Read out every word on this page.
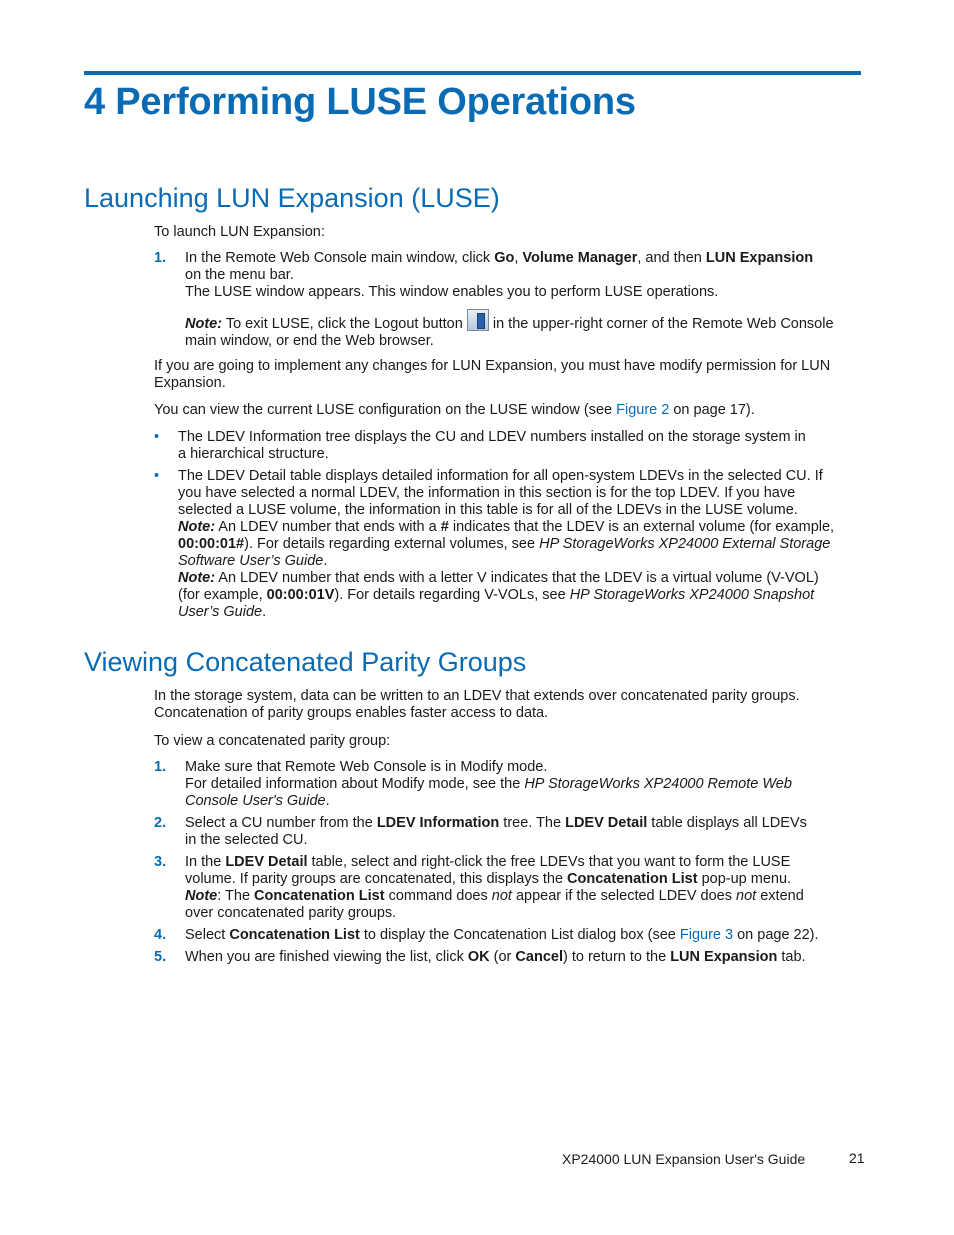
4 Performing LUSE Operations
Launching LUN Expansion (LUSE)

To launch LUN Expansion:

1. In the Remote Web Console main window, click Go, Volume Manager, and then LUN Expansion
on the menu bar.
The LUSE window appears. This window enables you to perform LUSE operations.
Note: To exit LUSE, click the Logout button  in the upper-right corner of the Remote Web Console main window, or end the Web browser.

If you are going to implement any changes for LUN Expansion, you must have modify permission for LUN Expansion.

You can view the current LUSE configuration on the LUSE window (see Figure 2 on page 17).

• The LDEV Information tree displays the CU and LDEV numbers installed on the storage system in a hierarchical structure.
• The LDEV Detail table displays detailed information for all open-system LDEVs in the selected CU. If you have selected a normal LDEV, the information in this section is for the top LDEV. If you have selected a LUSE volume, the information in this table is for all of the LDEVs in the LUSE volume.
Note: An LDEV number that ends with a # indicates that the LDEV is an external volume (for example, 00:00:01#). For details regarding external volumes, see HP StorageWorks XP24000 External Storage Software User’s Guide.
Note: An LDEV number that ends with a letter V indicates that the LDEV is a virtual volume (V-VOL) (for example, 00:00:01V). For details regarding V-VOLs, see HP StorageWorks XP24000 Snapshot User’s Guide.
Viewing Concatenated Parity Groups

In the storage system, data can be written to an LDEV that extends over concatenated parity groups. Concatenation of parity groups enables faster access to data.

To view a concatenated parity group:

1. Make sure that Remote Web Console is in Modify mode.
For detailed information about Modify mode, see the HP StorageWorks XP24000 Remote Web Console User's Guide.
2. Select a CU number from the LDEV Information tree. The LDEV Detail table displays all LDEVs in the selected CU.
3. In the LDEV Detail table, select and right-click the free LDEVs that you want to form the LUSE volume. If parity groups are concatenated, this displays the Concatenation List pop-up menu.
Note: The Concatenation List command does not appear if the selected LDEV does not extend over concatenated parity groups.
4. Select Concatenation List to display the Concatenation List dialog box (see Figure 3 on page 22).
5. When you are finished viewing the list, click OK (or Cancel) to return to the LUN Expansion tab.
XP24000 LUN Expansion User's Guide	21
